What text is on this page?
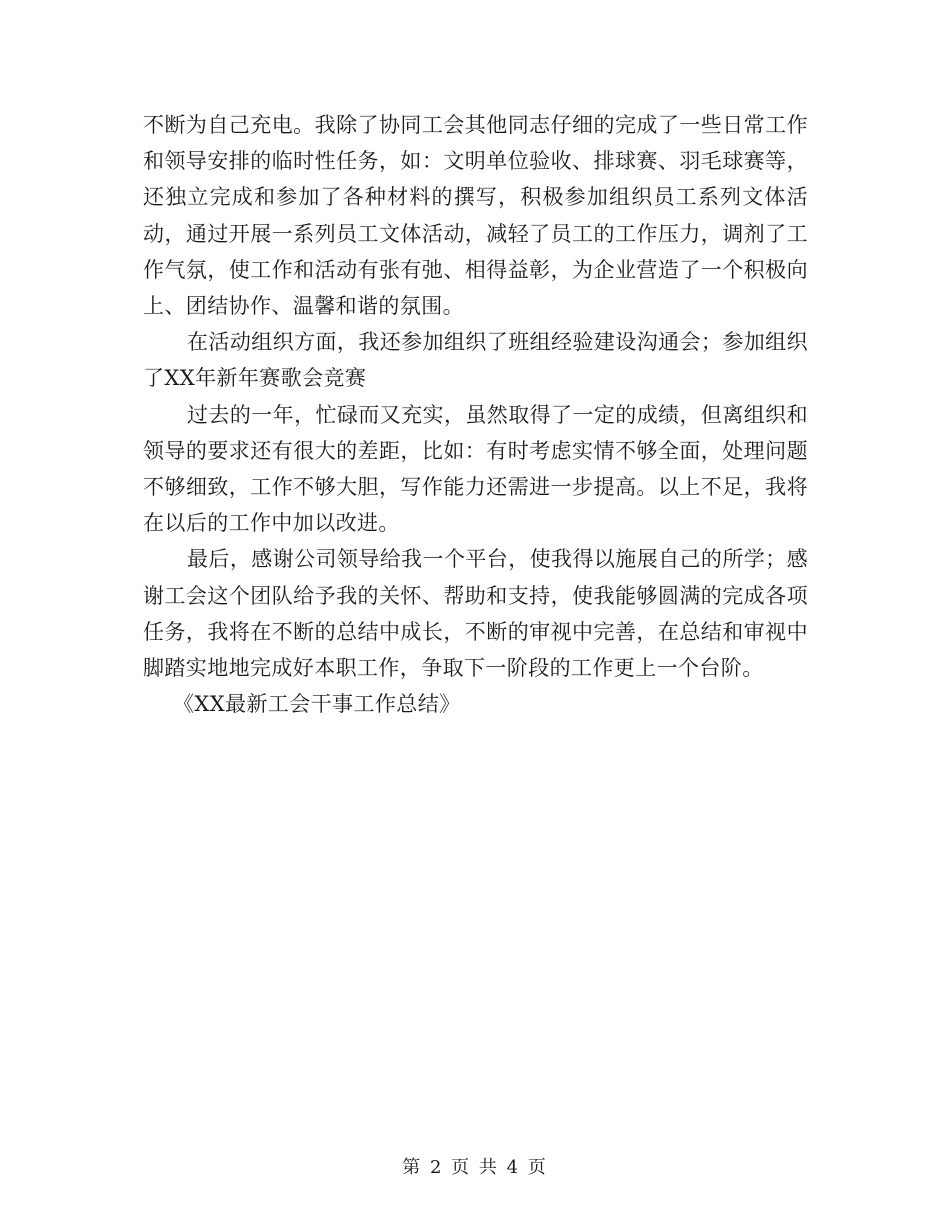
不断为自己充电。我除了协同工会其他同志仔细的完成了一些日常工作和领导安排的临时性任务，如：文明单位验收、排球赛、羽毛球赛等，还独立完成和参加了各种材料的撰写，积极参加组织员工系列文体活动，通过开展一系列员工文体活动，减轻了员工的工作压力，调剂了工作气氛，使工作和活动有张有弛、相得益彰，为企业营造了一个积极向上、团结协作、温馨和谐的氛围。

在活动组织方面，我还参加组织了班组经验建设沟通会；参加组织了XX年新年赛歌会竞赛

过去的一年，忙碌而又充实，虽然取得了一定的成绩，但离组织和领导的要求还有很大的差距，比如：有时考虑实情不够全面，处理问题不够细致，工作不够大胆，写作能力还需进一步提高。以上不足，我将在以后的工作中加以改进。

最后，感谢公司领导给我一个平台，使我得以施展自己的所学；感谢工会这个团队给予我的关怀、帮助和支持，使我能够圆满的完成各项任务，我将在不断的总结中成长，不断的审视中完善，在总结和审视中脚踏实地地完成好本职工作，争取下一阶段的工作更上一个台阶。

《XX最新工会干事工作总结》

第 2 页 共 4 页
